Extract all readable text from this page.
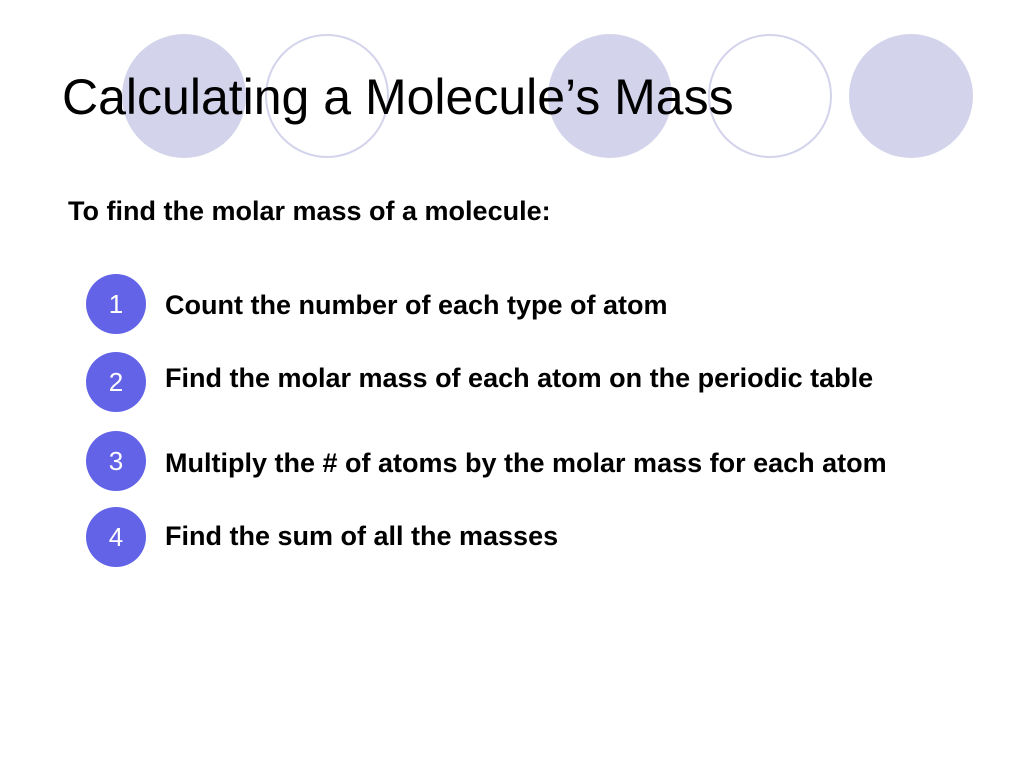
Calculating a Molecule’s Mass

To find the molar mass of a molecule:

1	Count the number of each type of atom

2	Find the molar mass of each atom on the periodic table

3	Multiply the # of atoms by the molar mass for each atom

4	Find the sum of all the masses
